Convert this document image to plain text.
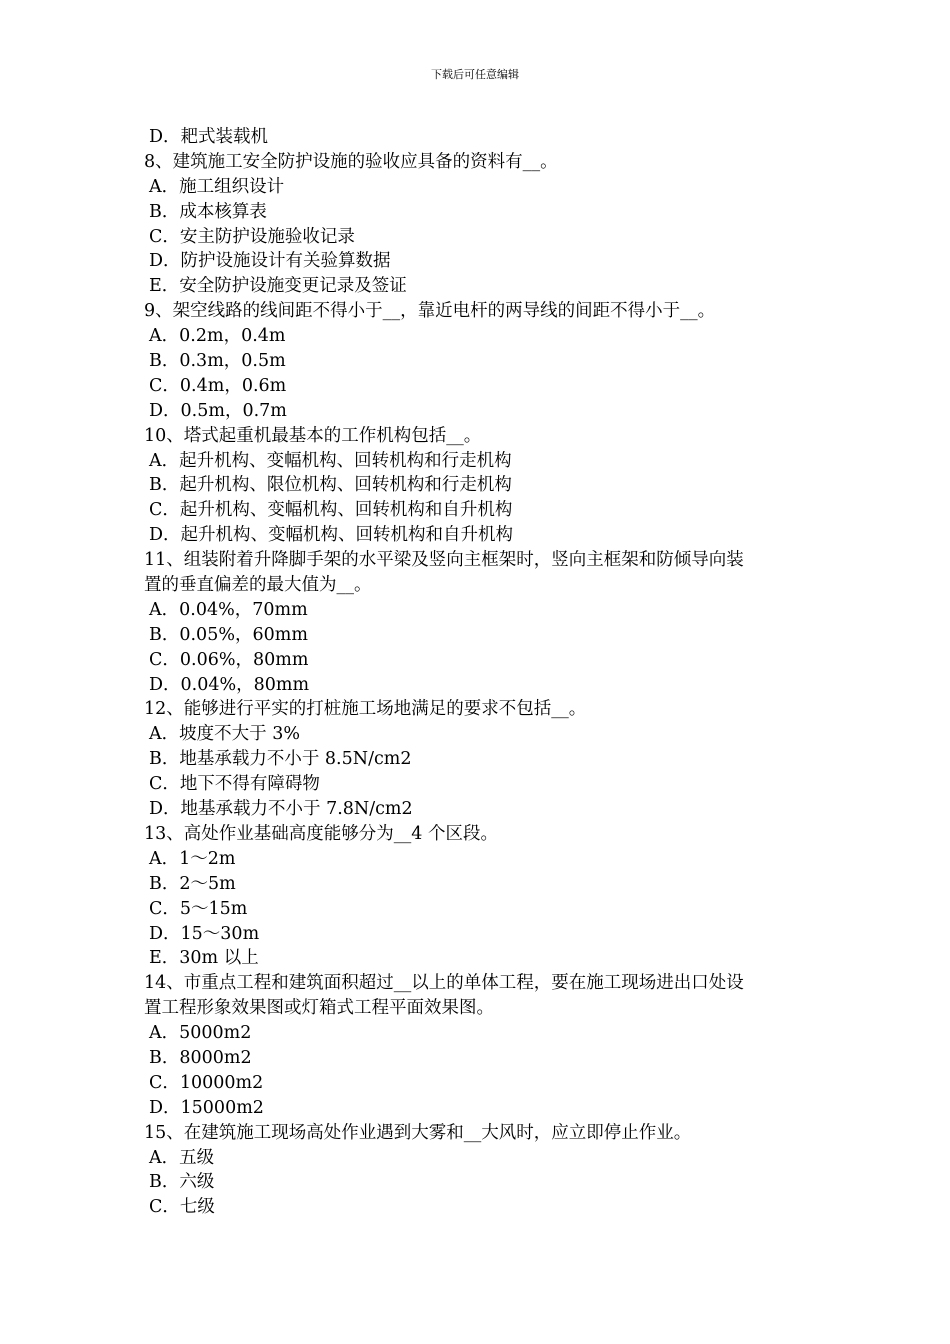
下载后可任意编辑
D．耙式装载机
8、建筑施工安全防护设施的验收应具备的资料有__。
A．施工组织设计
B．成本核算表
C．安主防护设施验收记录
D．防护设施设计有关验算数据
E．安全防护设施变更记录及签证
9、架空线路的线间距不得小于__，靠近电杆的两导线的间距不得小于__。
A．0.2m，0.4m
B．0.3m，0.5m
C．0.4m，0.6m
D．0.5m，0.7m
10、塔式起重机最基本的工作机构包括__。
A．起升机构、变幅机构、回转机构和行走机构
B．起升机构、限位机构、回转机构和行走机构
C．起升机构、变幅机构、回转机构和自升机构
D．起升机构、变幅机构、回转机构和自升机构
11、组装附着升降脚手架的水平梁及竖向主框架时，竖向主框架和防倾导向装
置的垂直偏差的最大值为__。
A．0.04%，70mm
B．0.05%，60mm
C．0.06%，80mm
D．0.04%，80mm
12、能够进行平实的打桩施工场地满足的要求不包括__。
A．坡度不大于 3%
B．地基承载力不小于 8.5N/cm2
C．地下不得有障碍物
D．地基承载力不小于 7.8N/cm2
13、高处作业基础高度能够分为__4 个区段。
A．1～2m
B．2～5m
C．5～15m
D．15～30m
E．30m 以上
14、市重点工程和建筑面积超过__以上的单体工程，要在施工现场进出口处设
置工程形象效果图或灯箱式工程平面效果图。
A．5000m2
B．8000m2
C．10000m2
D．15000m2
15、在建筑施工现场高处作业遇到大雾和__大风时，应立即停止作业。
A．五级
B．六级
C．七级
